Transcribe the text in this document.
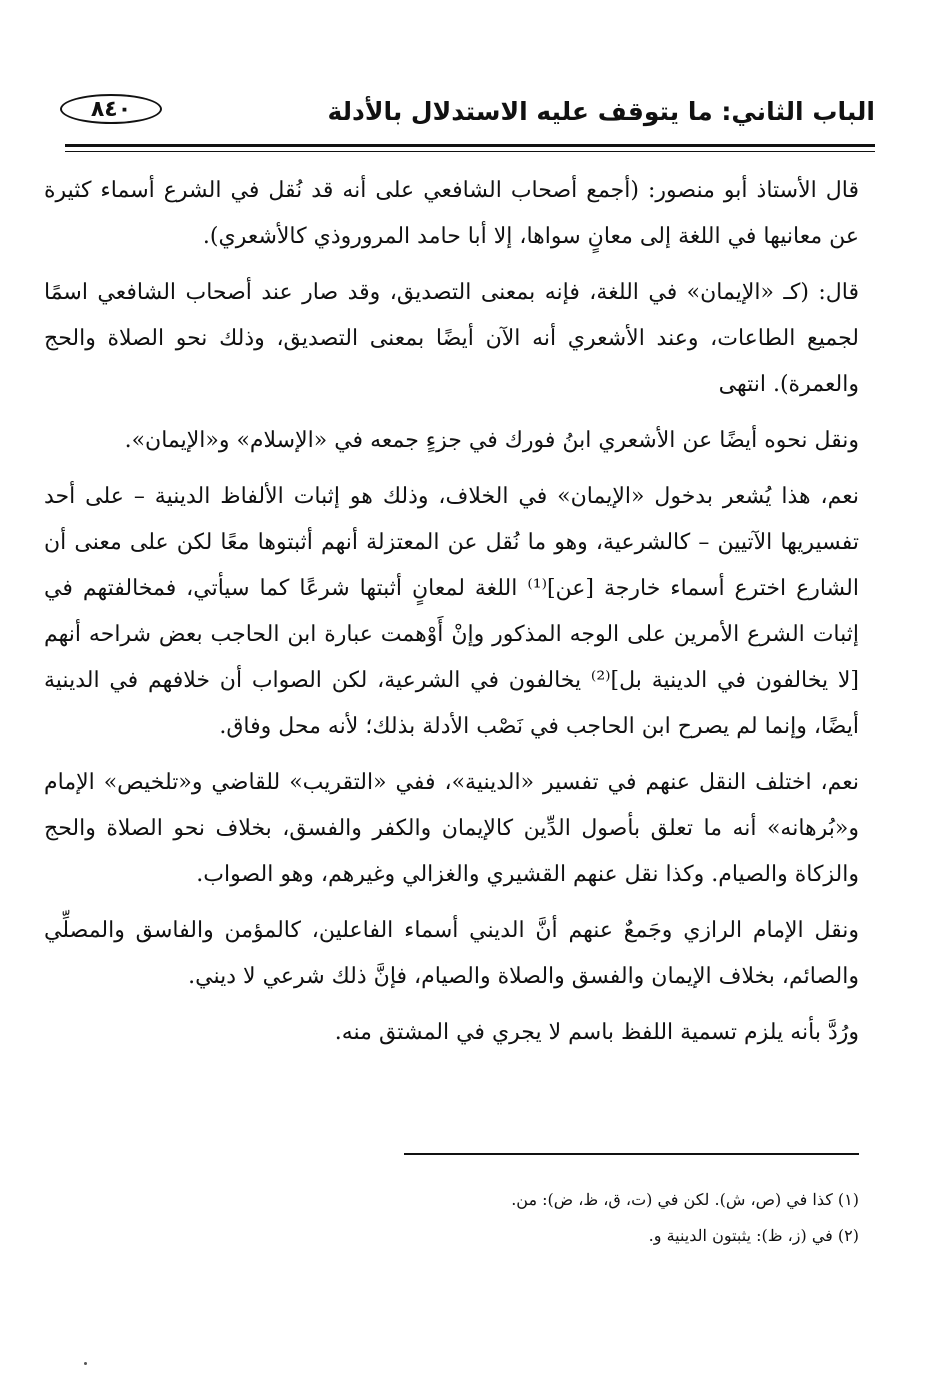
الباب الثاني: ما يتوقف عليه الاستدلال بالأدلة
٨٤٠

قال الأستاذ أبو منصور: (أجمع أصحاب الشافعي على أنه قد نُقل في الشرع أسماء كثيرة عن معانيها في اللغة إلى معانٍ سواها، إلا أبا حامد المروروذي كالأشعري).

قال: (كـ «الإيمان» في اللغة، فإنه بمعنى التصديق، وقد صار عند أصحاب الشافعي اسمًا لجميع الطاعات، وعند الأشعري أنه الآن أيضًا بمعنى التصديق، وذلك نحو الصلاة والحج والعمرة). انتهى

ونقل نحوه أيضًا عن الأشعري ابنُ فورك في جزءٍ جمعه في «الإسلام» و«الإيمان».

نعم، هذا يُشعر بدخول «الإيمان» في الخلاف، وذلك هو إثبات الألفاظ الدينية – على أحد تفسيريها الآتيين – كالشرعية، وهو ما نُقل عن المعتزلة أنهم أثبتوها معًا لكن على معنى أن الشارع اخترع أسماء خارجة [عن]⁽¹⁾ اللغة لمعانٍ أثبتها شرعًا كما سيأتي، فمخالفتهم في إثبات الشرع الأمرين على الوجه المذكور وإنْ أَوْهمت عبارة ابن الحاجب بعض شراحه أنهم [لا يخالفون في الدينية بل]⁽²⁾ يخالفون في الشرعية، لكن الصواب أن خلافهم في الدينية أيضًا، وإنما لم يصرح ابن الحاجب في نَصْب الأدلة بذلك؛ لأنه محل وفاق.

نعم، اختلف النقل عنهم في تفسير «الدينية»، ففي «التقريب» للقاضي و«تلخيص» الإمام و«بُرهانه» أنه ما تعلق بأصول الدِّين كالإيمان والكفر والفسق، بخلاف نحو الصلاة والحج والزكاة والصيام. وكذا نقل عنهم القشيري والغزالي وغيرهم، وهو الصواب.

ونقل الإمام الرازي وجَمعٌ عنهم أنَّ الديني أسماء الفاعلين، كالمؤمن والفاسق والمصلِّي والصائم، بخلاف الإيمان والفسق والصلاة والصيام، فإنَّ ذلك شرعي لا ديني.

ورُدَّ بأنه يلزم تسمية اللفظ باسم لا يجري في المشتق منه.

(١) كذا في (ص، ش). لكن في (ت، ق، ظ، ض): من.

(٢) في (ز، ظ): يثبتون الدينية و.
